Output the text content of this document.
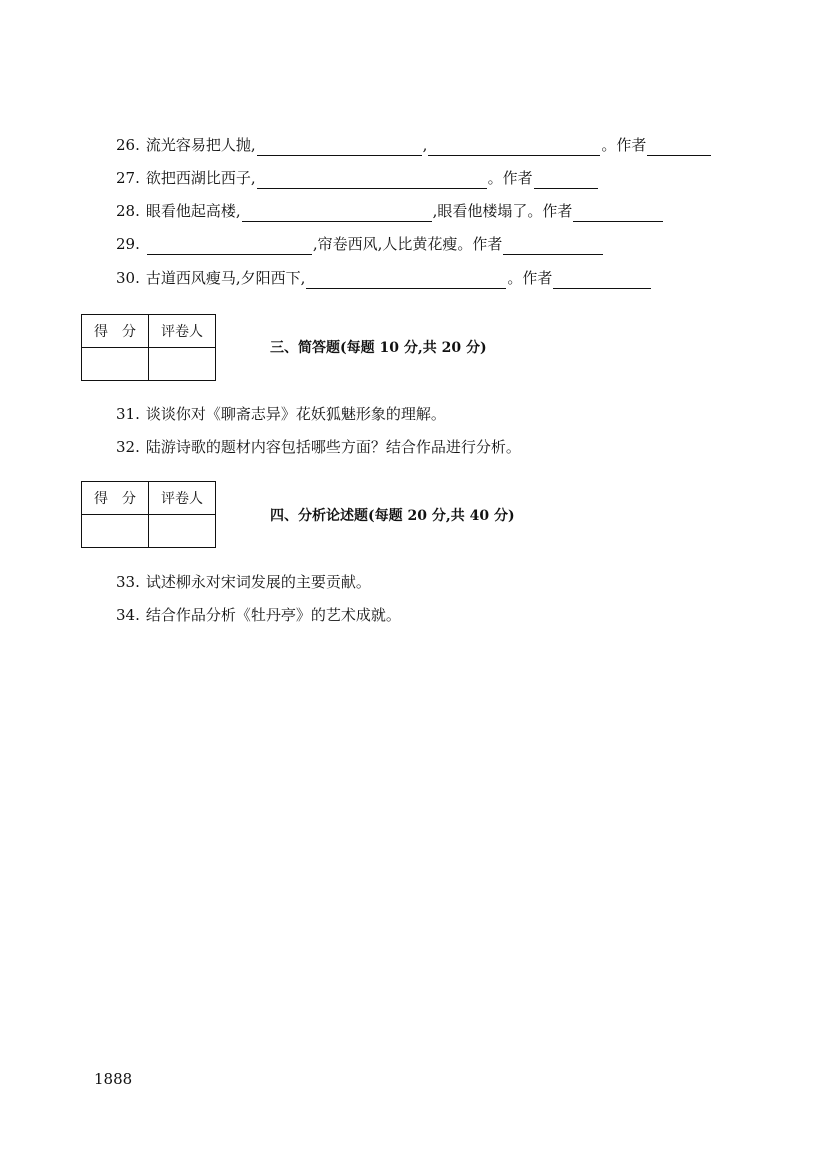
26. 流光容易把人抛,	,	。作者
27. 欲把西湖比西子,	。作者
28. 眼看他起高楼,	,眼看他楼塌了。作者
29.	,帘卷西风,人比黄花瘦。作者
30. 古道西风瘦马,夕阳西下,	。作者
得　分	评卷人

三、简答题(每题 10 分,共 20 分)
31. 谈谈你对《聊斋志异》花妖狐魅形象的理解。
32. 陆游诗歌的题材内容包括哪些方面？结合作品进行分析。
得　分	评卷人

四、分析论述题(每题 20 分,共 40 分)
33. 试述柳永对宋词发展的主要贡献。
34. 结合作品分析《牡丹亭》的艺术成就。
1888
